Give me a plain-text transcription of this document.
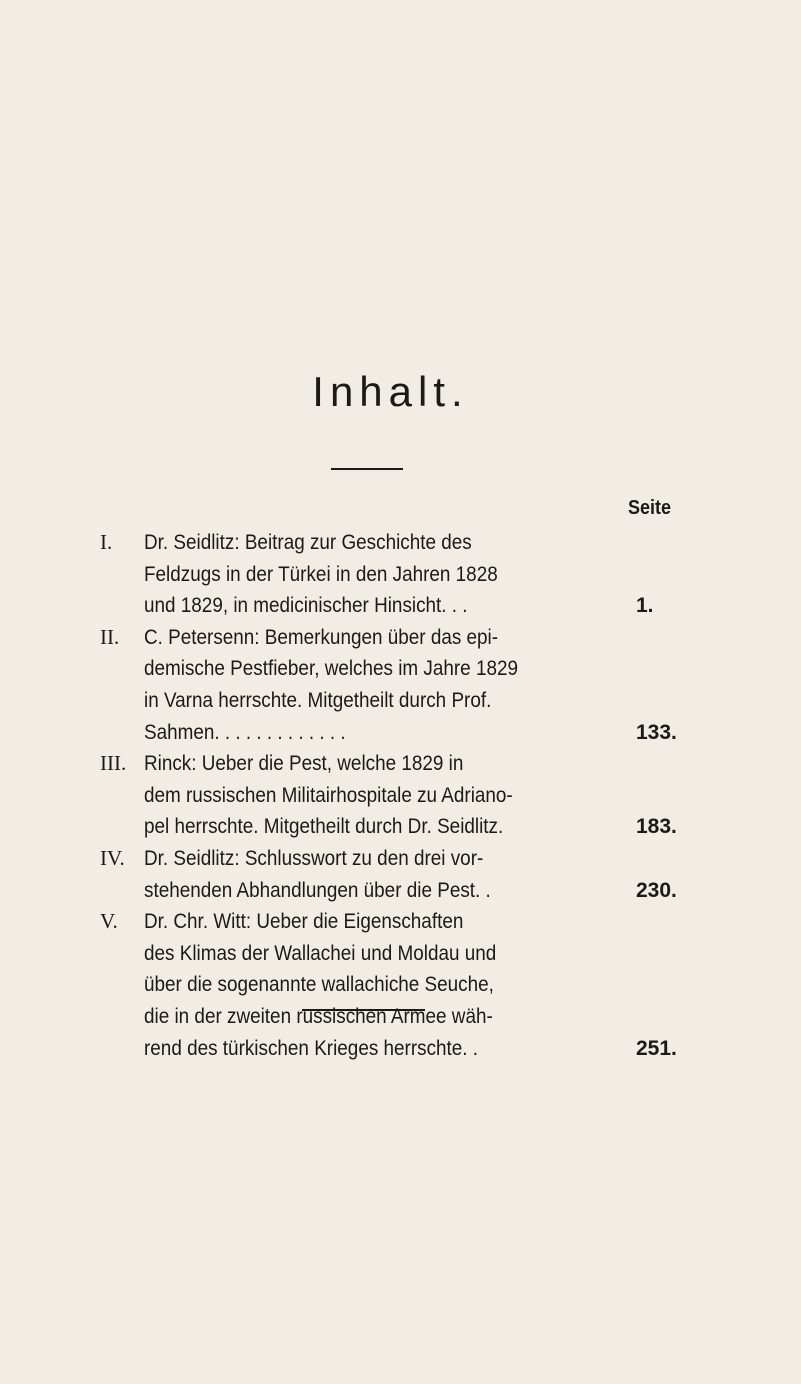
Inhalt.
Seite
I. Dr. Seidlitz: Beitrag zur Geschichte des
Feldzugs in der Türkei in den Jahren 1828
und 1829, in medicinischer Hinsicht. . .	1.
II. C. Petersenn: Bemerkungen über das epi-
demische Pestfieber, welches im Jahre 1829
in Varna herrschte. Mitgetheilt durch Prof.
Sahmen. . . . . . . . . . . . .	133.
III. Rinck: Ueber die Pest, welche 1829 in
dem russischen Militairhospitale zu Adriano-
pel herrschte. Mitgetheilt durch Dr. Seidlitz.	183.
IV. Dr. Seidlitz: Schlusswort zu den drei vor-
stehenden Abhandlungen über die Pest. .	230.
V. Dr. Chr. Witt: Ueber die Eigenschaften
des Klimas der Wallachei und Moldau und
über die sogenannte wallachiche Seuche,
die in der zweiten russischen Armee wäh-
rend des türkischen Krieges herrschte. .	251.
